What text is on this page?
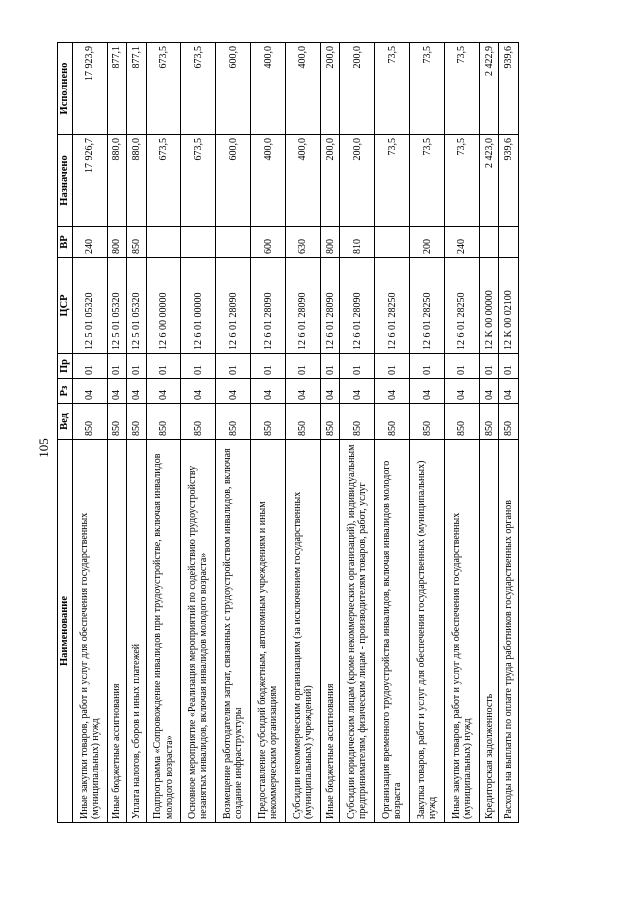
105
Наименование	Вед	Рз	Пр	ЦСР	ВР	Назначено	Исполнено
Иные закупки товаров, работ и услуг для обеспечения государственных (муниципальных) нужд	850	04	01	12 5 01 05320	240	17 926,7	17 923,9
Иные бюджетные ассигнования	850	04	01	12 5 01 05320	800	880,0	877,1
Уплата налогов, сборов и иных платежей	850	04	01	12 5 01 05320	850	880,0	877,1
Подпрограмма «Сопровождение инвалидов при трудоустройстве, включая инвалидов молодого возраста»	850	04	01	12 6 00 00000		673,5	673,5
Основное мероприятие «Реализация мероприятий по содействию трудоустройству незанятых инвалидов, включая инвалидов молодого возраста»	850	04	01	12 6 01 00000		673,5	673,5
Возмещение работодателям затрат, связанных с трудоустройством инвалидов, включая создание инфраструктуры	850	04	01	12 6 01 28090		600,0	600,0
Предоставление субсидий бюджетным, автономным учреждениям и иным некоммерческим организациям	850	04	01	12 6 01 28090	600	400,0	400,0
Субсидии некоммерческим организациям (за исключением государственных (муниципальных) учреждений)	850	04	01	12 6 01 28090	630	400,0	400,0
Иные бюджетные ассигнования	850	04	01	12 6 01 28090	800	200,0	200,0
Субсидии юридическим лицам (кроме некоммерческих организаций), индивидуальным предпринимателям, физическим лицам - производителям товаров, работ, услуг	850	04	01	12 6 01 28090	810	200,0	200,0
Организация временного трудоустройства инвалидов, включая инвалидов молодого возраста	850	04	01	12 6 01 28250		73,5	73,5
Закупка товаров, работ и услуг для обеспечения государственных (муниципальных) нужд	850	04	01	12 6 01 28250	200	73,5	73,5
Иные закупки товаров, работ и услуг для обеспечения государственных (муниципальных) нужд	850	04	01	12 6 01 28250	240	73,5	73,5
Кредиторская задолженность	850	04	01	12 K 00 00000		2 423,0	2 422,9
Расходы на выплаты по оплате труда работников государственных органов	850	04	01	12 K 00 02100		939,6	939,6
